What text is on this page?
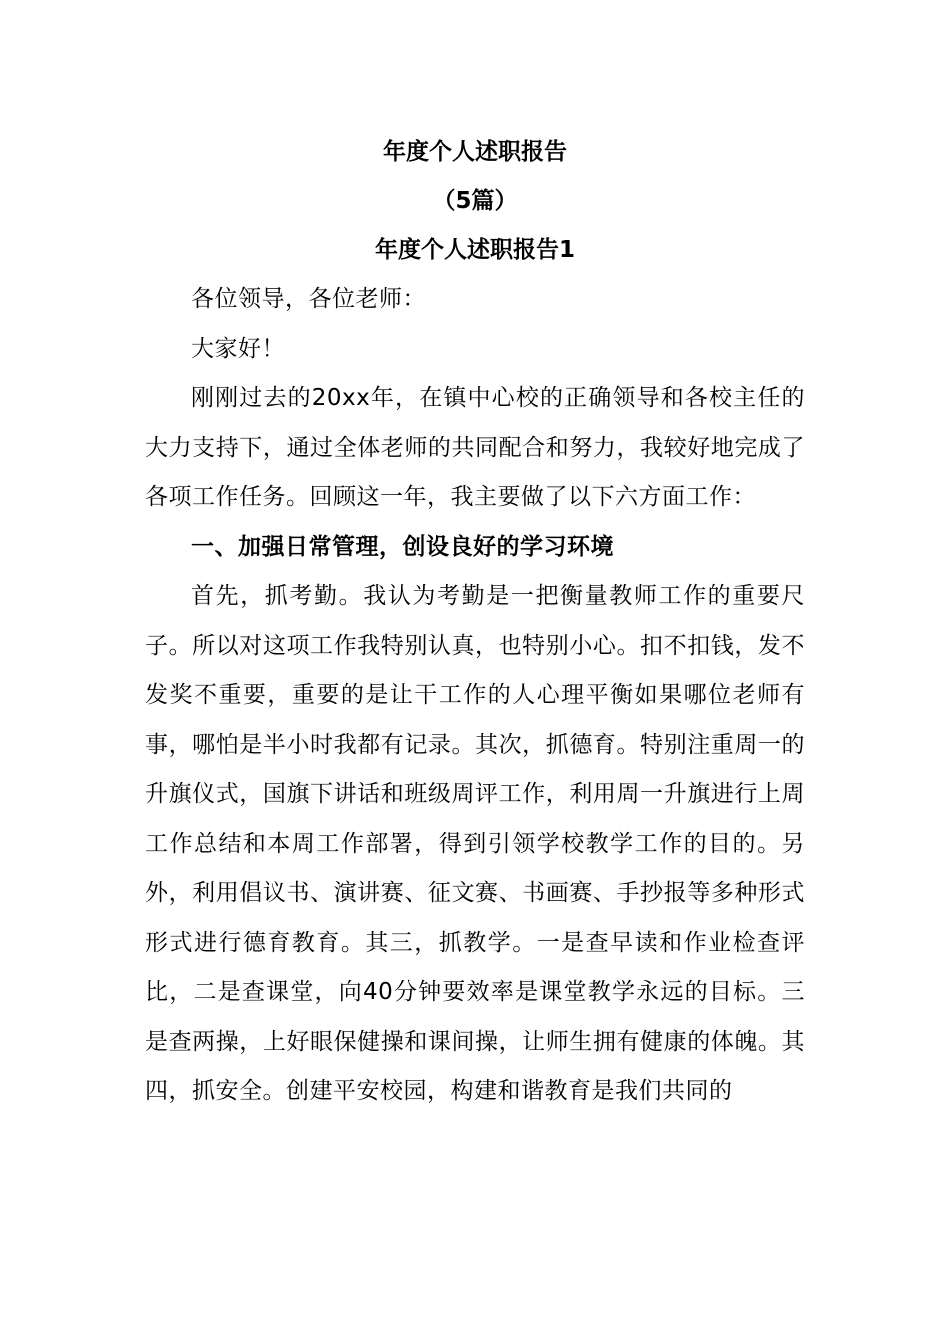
年度个人述职报告

（5篇）

年度个人述职报告1

各位领导，各位老师：

大家好！

刚刚过去的20xx年，在镇中心校的正确领导和各校主任的大力支持下，通过全体老师的共同配合和努力，我较好地完成了各项工作任务。回顾这一年，我主要做了以下六方面工作：

一、加强日常管理，创设良好的学习环境

首先，抓考勤。我认为考勤是一把衡量教师工作的重要尺子。所以对这项工作我特别认真，也特别小心。扣不扣钱，发不发奖不重要，重要的是让干工作的人心理平衡如果哪位老师有事，哪怕是半小时我都有记录。其次，抓德育。特别注重周一的升旗仪式，国旗下讲话和班级周评工作，利用周一升旗进行上周工作总结和本周工作部署，得到引领学校教学工作的目的。另外，利用倡议书、演讲赛、征文赛、书画赛、手抄报等多种形式形式进行德育教育。其三，抓教学。一是查早读和作业检查评比，二是查课堂，向40分钟要效率是课堂教学永远的目标。三是查两操，上好眼保健操和课间操，让师生拥有健康的体魄。其四，抓安全。创建平安校园，构建和谐教育是我们共同的
